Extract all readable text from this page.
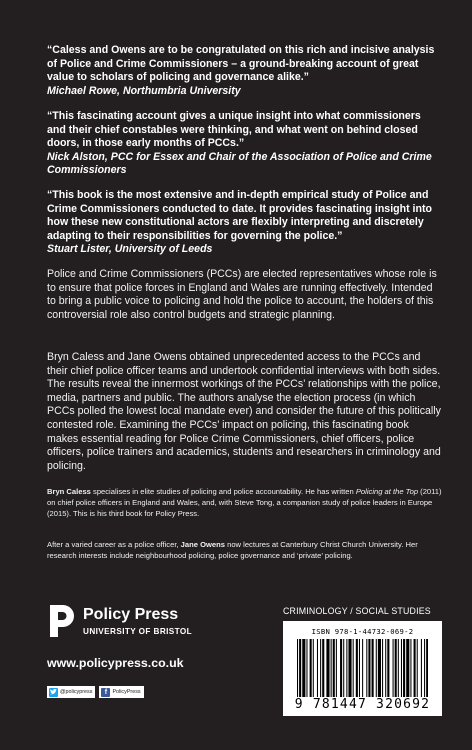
“Caless and Owens are to be congratulated on this rich and incisive analysis of Police and Crime Commissioners – a ground-breaking account of great value to scholars of policing and governance alike.”
Michael Rowe, Northumbria University
“This fascinating account gives a unique insight into what commissioners and their chief constables were thinking, and what went on behind closed doors, in those early months of PCCs.”
Nick Alston, PCC for Essex and Chair of the Association of Police and Crime Commissioners
“This book is the most extensive and in-depth empirical study of Police and Crime Commissioners conducted to date. It provides fascinating insight into how these new constitutional actors are flexibly interpreting and discretely adapting to their responsibilities for governing the police.”
Stuart Lister, University of Leeds
Police and Crime Commissioners (PCCs) are elected representatives whose role is to ensure that police forces in England and Wales are running effectively. Intended to bring a public voice to policing and hold the police to account, the holders of this controversial role also control budgets and strategic planning.
Bryn Caless and Jane Owens obtained unprecedented access to the PCCs and their chief police officer teams and undertook confidential interviews with both sides. The results reveal the innermost workings of the PCCs’ relationships with the police, media, partners and public. The authors analyse the election process (in which PCCs polled the lowest local mandate ever) and consider the future of this politically contested role. Examining the PCCs’ impact on policing, this fascinating book makes essential reading for Police Crime Commissioners, chief officers, police officers, police trainers and academics, students and researchers in criminology and policing.
Bryn Caless specialises in elite studies of policing and police accountability. He has written Policing at the Top (2011) on chief police officers in England and Wales, and, with Steve Tong, a companion study of police leaders in Europe (2015). This is his third book for Policy Press.
After a varied career as a police officer, Jane Owens now lectures at Canterbury Christ Church University. Her research interests include neighbourhood policing, police governance and ‘private’ policing.
CRIMINOLOGY / SOCIAL STUDIES
ISBN 978-1-44732-069-2
9 781447 320692
Policy Press
UNIVERSITY OF BRISTOL
www.policypress.co.uk
@policypress	f PolicyPress
